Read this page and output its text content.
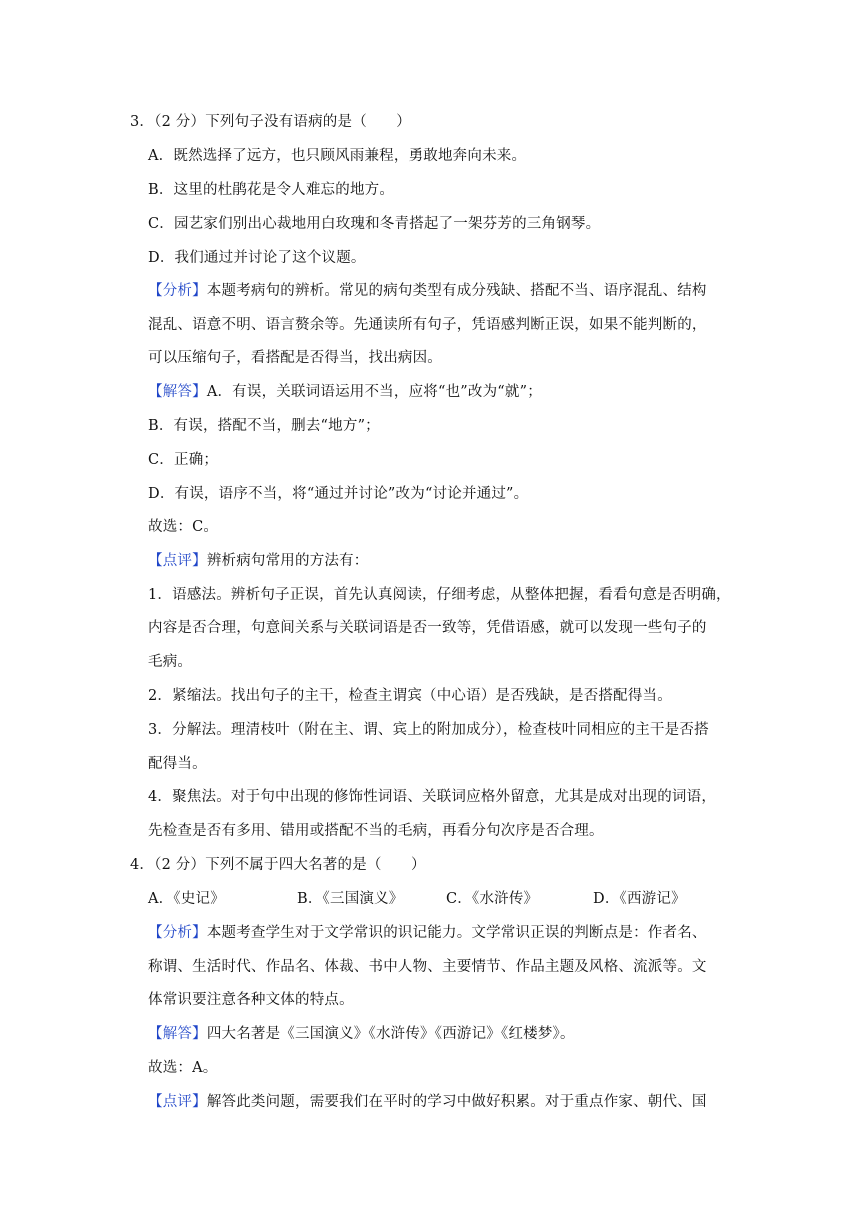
3．（2 分）下列句子没有语病的是（　　）
A．既然选择了远方，也只顾风雨兼程，勇敢地奔向未来。
B．这里的杜鹃花是令人难忘的地方。
C．园艺家们别出心裁地用白玫瑰和冬青搭起了一架芬芳的三角钢琴。
D．我们通过并讨论了这个议题。
【分析】本题考病句的辨析。常见的病句类型有成分残缺、搭配不当、语序混乱、结构
混乱、语意不明、语言赘余等。先通读所有句子，凭语感判断正误，如果不能判断的，
可以压缩句子，看搭配是否得当，找出病因。
【解答】A．有误，关联词语运用不当，应将“也”改为“就”；
B．有误，搭配不当，删去“地方”；
C．正确；
D．有误，语序不当，将“通过并讨论”改为“讨论并通过”。
故选：C。
【点评】辨析病句常用的方法有：
1．语感法。辨析句子正误，首先认真阅读，仔细考虑，从整体把握，看看句意是否明确，
内容是否合理，句意间关系与关联词语是否一致等，凭借语感，就可以发现一些句子的
毛病。
2．紧缩法。找出句子的主干，检查主谓宾（中心语）是否残缺，是否搭配得当。
3．分解法。理清枝叶（附在主、谓、宾上的附加成分），检查枝叶同相应的主干是否搭
配得当。
4．聚焦法。对于句中出现的修饰性词语、关联词应格外留意，尤其是成对出现的词语，
先检查是否有多用、错用或搭配不当的毛病，再看分句次序是否合理。
4．（2 分）下列不属于四大名著的是（　　）
A．《史记》	B．《三国演义》	C．《水浒传》	D．《西游记》
【分析】本题考查学生对于文学常识的识记能力。文学常识正误的判断点是：作者名、
称谓、生活时代、作品名、体裁、书中人物、主要情节、作品主题及风格、流派等。文
体常识要注意各种文体的特点。
【解答】四大名著是《三国演义》《水浒传》《西游记》《红楼梦》。
故选：A。
【点评】解答此类问题，需要我们在平时的学习中做好积累。对于重点作家、朝代、国
